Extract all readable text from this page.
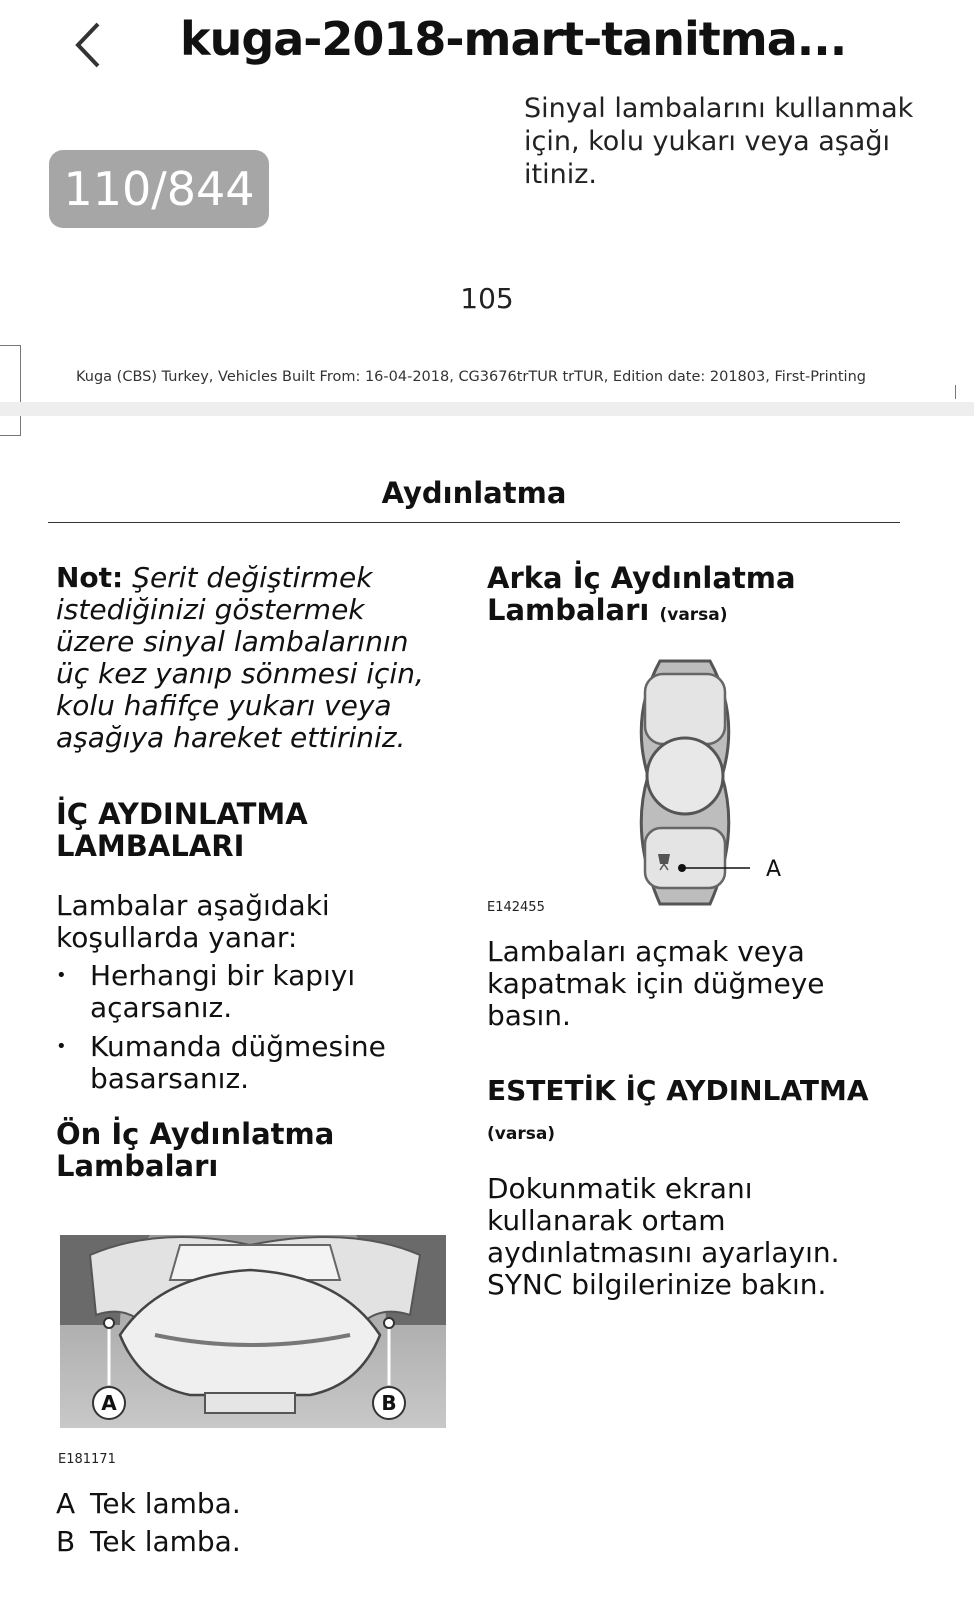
kuga-2018-mart-tanitma...
110/844
Sinyal lambalarını kullanmak için, kolu yukarı veya aşağı itiniz.
105
Kuga (CBS) Turkey, Vehicles Built From: 16-04-2018, CG3676trTUR trTUR, Edition date: 201803, First-Printing
Aydınlatma
Not: Şerit değiştirmek istediğinizi göstermek üzere sinyal lambalarının üç kez yanıp sönmesi için, kolu hafifçe yukarı veya aşağıya hareket ettiriniz.
İÇ AYDINLATMA LAMBALARI
Lambalar aşağıdaki koşullarda yanar:
• Herhangi bir kapıyı açarsanız.
• Kumanda düğmesine basarsanız.
Ön İç Aydınlatma Lambaları
A	B
E181171
A Tek lamba.
B Tek lamba.
Arka İç Aydınlatma Lambaları (varsa)
A
E142455
Lambaları açmak veya kapatmak için düğmeye basın.
ESTETİK İÇ AYDINLATMA
(varsa)
Dokunmatik ekranı kullanarak ortam aydınlatmasını ayarlayın. SYNC bilgilerinize bakın.
